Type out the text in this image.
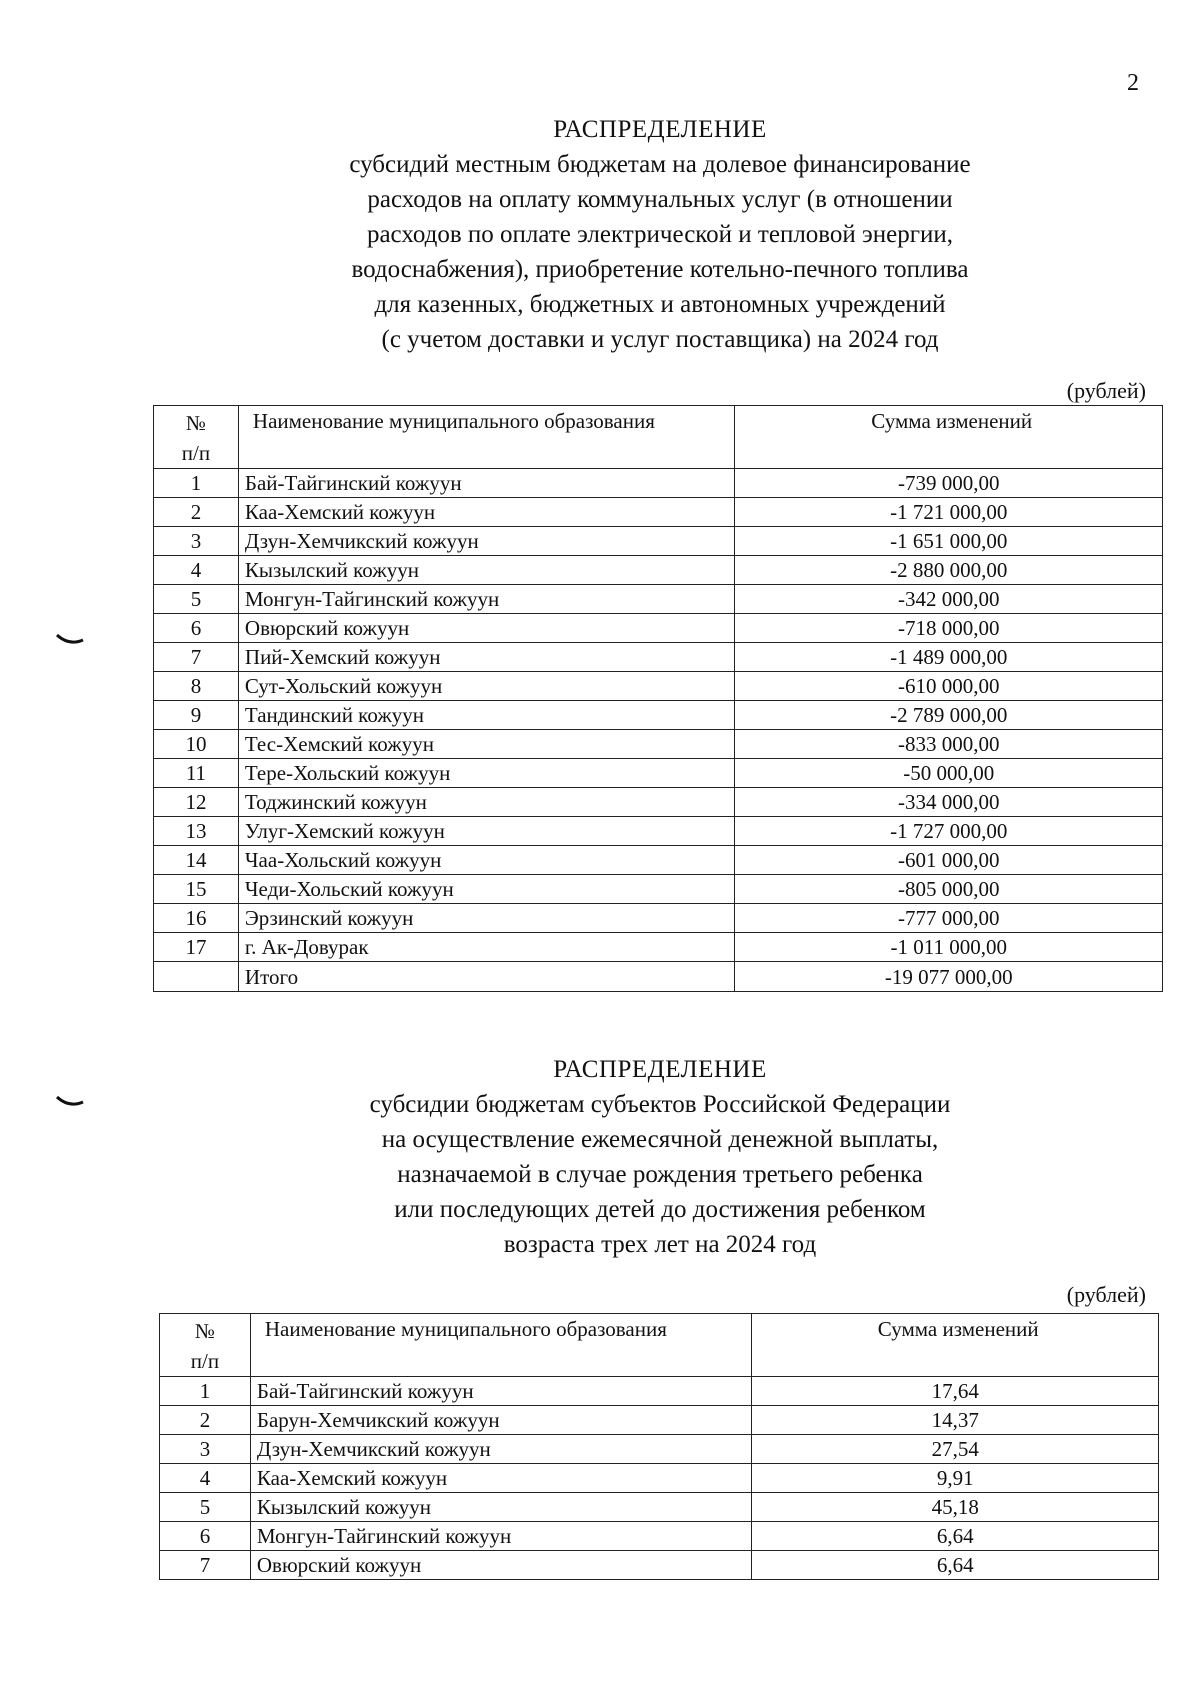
2
РАСПРЕДЕЛЕНИЕ
субсидий местным бюджетам на долевое финансирование
расходов на оплату коммунальных услуг (в отношении
расходов по оплате электрической и тепловой энергии,
водоснабжения), приобретение котельно-печного топлива
для казенных, бюджетных и автономных учреждений
(с учетом доставки и услуг поставщика) на 2024 год
(рублей)
№
п/п	Наименование муниципального образования	Сумма изменений
1	Бай-Тайгинский кожуун	-739 000,00
2	Каа-Хемский кожуун	-1 721 000,00
3	Дзун-Хемчикский кожуун	-1 651 000,00
4	Кызылский кожуун	-2 880 000,00
5	Монгун-Тайгинский кожуун	-342 000,00
6	Овюрский кожуун	-718 000,00
7	Пий-Хемский кожуун	-1 489 000,00
8	Сут-Хольский кожуун	-610 000,00
9	Тандинский кожуун	-2 789 000,00
10	Тес-Хемский кожуун	-833 000,00
11	Тере-Хольский кожуун	-50 000,00
12	Тоджинский кожуун	-334 000,00
13	Улуг-Хемский кожуун	-1 727 000,00
14	Чаа-Хольский кожуун	-601 000,00
15	Чеди-Хольский кожуун	-805 000,00
16	Эрзинский кожуун	-777 000,00
17	г. Ак-Довурак	-1 011 000,00
	Итого	-19 077 000,00
РАСПРЕДЕЛЕНИЕ
субсидии бюджетам субъектов Российской Федерации
на осуществление ежемесячной денежной выплаты,
назначаемой в случае рождения третьего ребенка
или последующих детей до достижения ребенком
возраста трех лет на 2024 год
(рублей)
№
п/п	Наименование муниципального образования	Сумма изменений
1	Бай-Тайгинский кожуун	17,64
2	Барун-Хемчикский кожуун	14,37
3	Дзун-Хемчикский кожуун	27,54
4	Каа-Хемский кожуун	9,91
5	Кызылский кожуун	45,18
6	Монгун-Тайгинский кожуун	6,64
7	Овюрский кожуун	6,64
